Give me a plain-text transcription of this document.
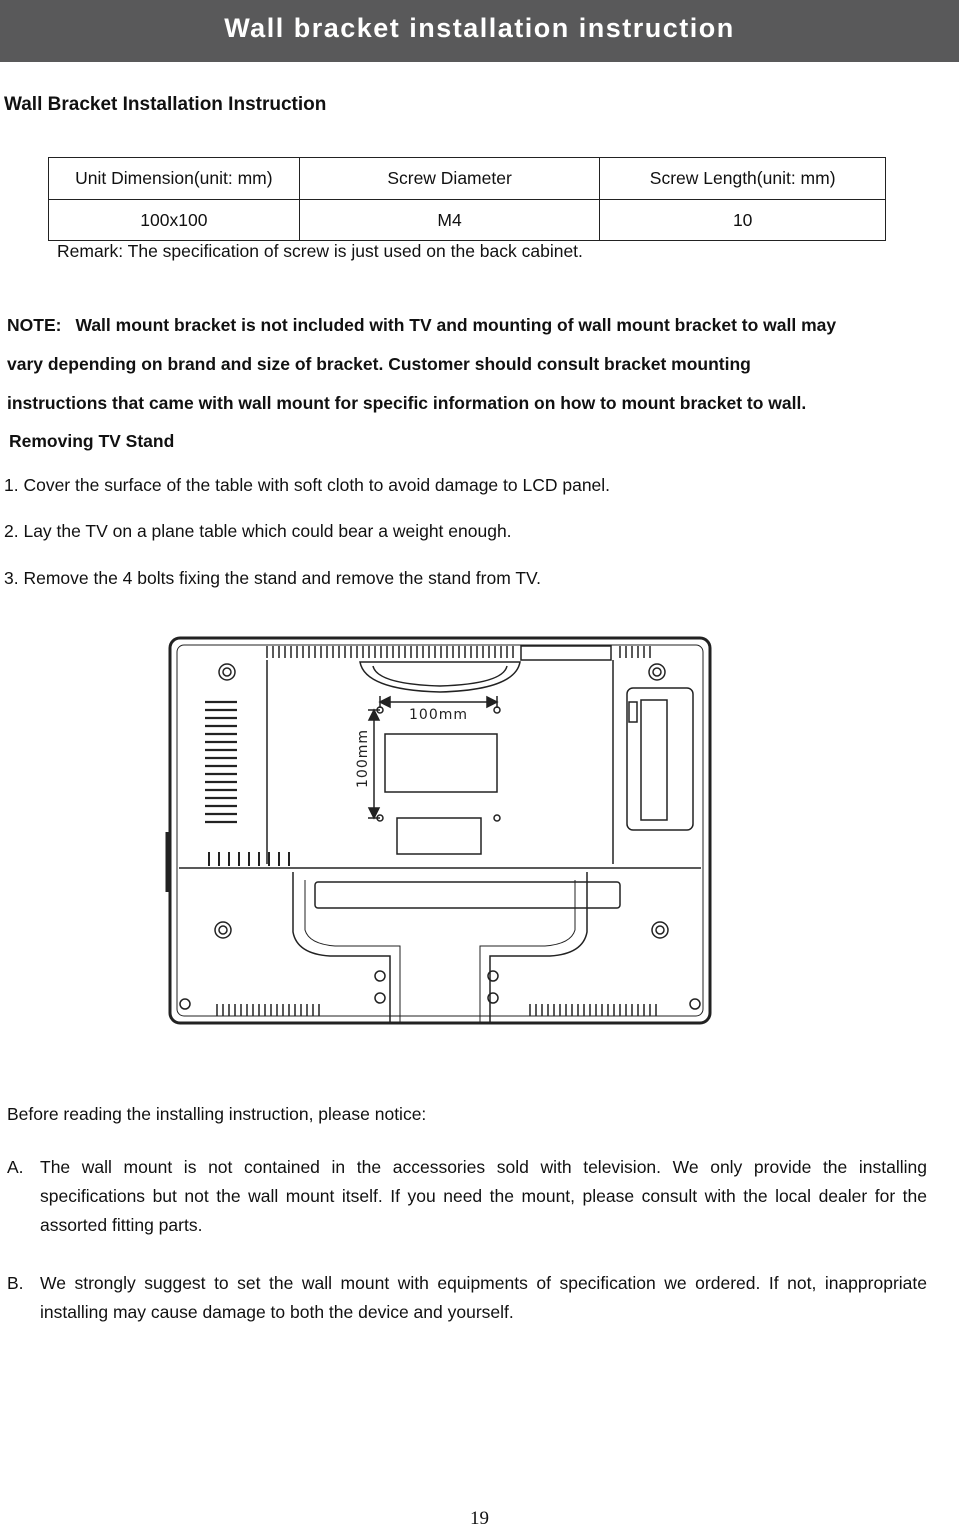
Wall bracket installation instruction
Wall Bracket Installation Instruction
Unit Dimension(unit: mm)	Screw Diameter	Screw Length(unit: mm)
100x100	M4	10
Remark: The specification of screw is just used on the back cabinet.
NOTE: Wall mount bracket is not included with TV and mounting of wall mount bracket to wall may
vary depending on brand and size of bracket. Customer should consult bracket mounting
instructions that came with wall mount for specific information on how to mount bracket to wall.
Removing TV Stand
1. Cover the surface of the table with soft cloth to avoid damage to LCD panel.
2. Lay the TV on a plane table which could bear a weight enough.
3. Remove the 4 bolts fixing the stand and remove the stand from TV.
100mm
100mm
Before reading the installing instruction, please notice:
A. The wall mount is not contained in the accessories sold with television. We only provide the installing specifications but not the wall mount itself. If you need the mount, please consult with the local dealer for the assorted fitting parts.
B. We strongly suggest to set the wall mount with equipments of specification we ordered. If not, inappropriate installing may cause damage to both the device and yourself.
19
